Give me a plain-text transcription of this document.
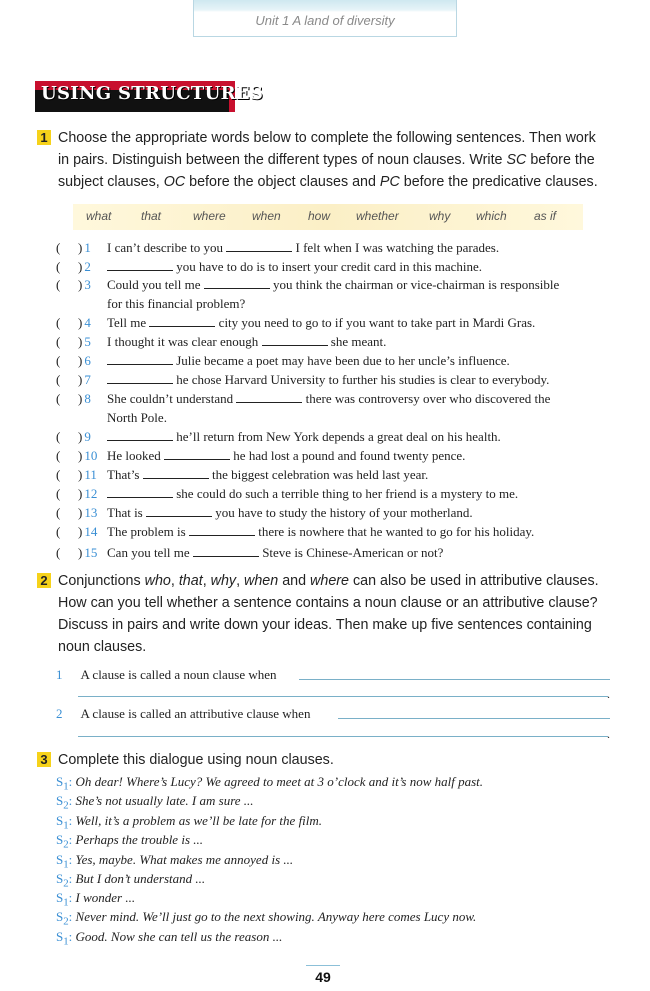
Unit 1 A land of diversity
USING STRUCTURES
1 Choose the appropriate words below to complete the following sentences. Then work
in pairs. Distinguish between the different types of noun clauses. Write SC before the
subject clauses, OC before the object clauses and PC before the predicative clauses.
what that	where when how whether	why which as if
( ) 1 I can’t describe to you	I felt when I was watching the parades.
( ) 2	you have to do is to insert your credit card in this machine.
( ) 3 Could you tell me	you think the chairman or vice-chairman is responsible
for this financial problem?
( ) 4 Tell me	city you need to go to if you want to take part in Mardi Gras.
( ) 5 I thought it was clear enough	she meant.
( ) 6	Julie became a poet may have been due to her uncle’s influence.
( ) 7	he chose Harvard University to further his studies is clear to everybody.
( ) 8 She couldn’t understand	there was controversy over who discovered the
North Pole.
( ) 9	he’ll return from New York depends a great deal on his health.
( ) 10 He looked	he had lost a pound and found twenty pence.
( ) 11 That’s	the biggest celebration was held last year.
( ) 12	she could do such a terrible thing to her friend is a mystery to me.
( ) 13 That is	you have to study the history of your motherland.
( ) 14 The problem is	there is nowhere that he wanted to go for his holiday.
( ) 15 Can you tell me	Steve is Chinese-American or not?
2 Conjunctions who, that, why, when and where can also be used in attributive clauses.
How can you tell whether a sentence contains a noun clause or an attributive clause?
Discuss in pairs and write down your ideas. Then make up five sentences containing
noun clauses.
1 A clause is called a noun clause when
.
2 A clause is called an attributive clause when
.
3 Complete this dialogue using noun clauses.
$S_1$: Oh dear! Where’s Lucy? We agreed to meet at 3 o’clock and it’s now half past.
$S_2$: She’s not usually late. I am sure ...
$S_1$: Well, it’s a problem as we’ll be late for the film.
$S_2$: Perhaps the trouble is ...
$S_1$: Yes, maybe. What makes me annoyed is ...
$S_2$: But I don’t understand ...
$S_1$: I wonder ...
$S_2$: Never mind. We’ll just go to the next showing. Anyway here comes Lucy now.
$S_1$: Good. Now she can tell us the reason ...
49
